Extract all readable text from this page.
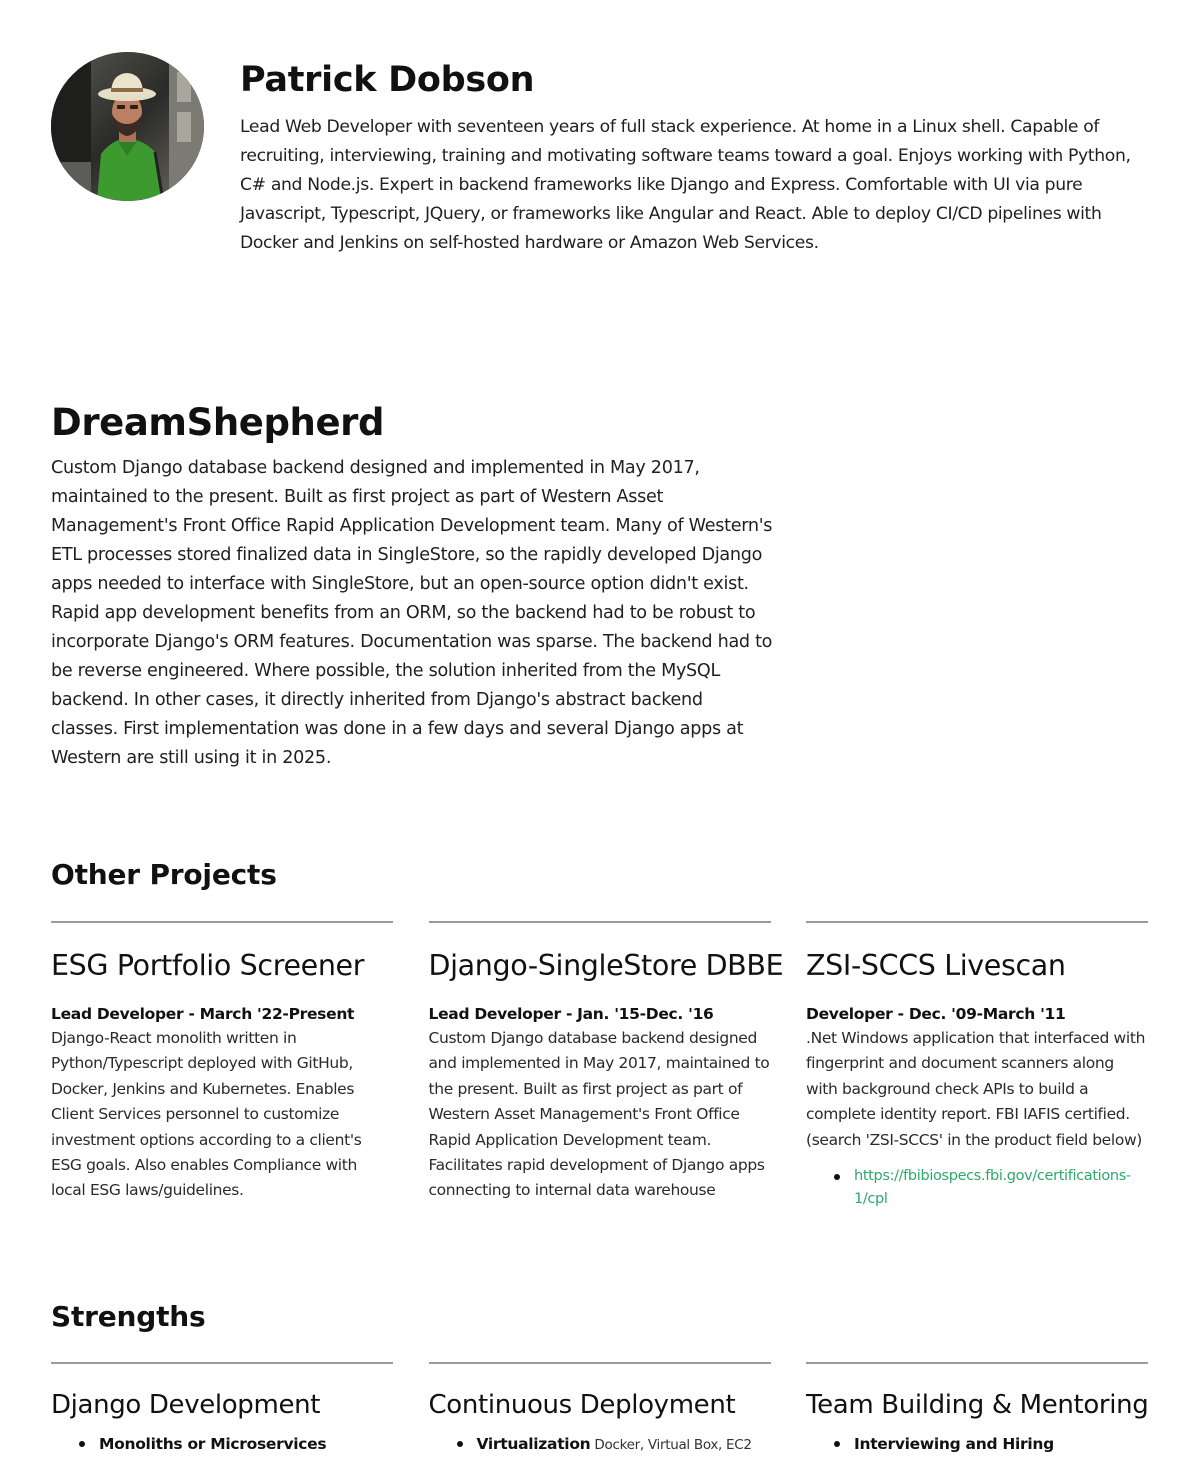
Patrick Dobson

Lead Web Developer with seventeen years of full stack experience. At home in a Linux shell. Capable of recruiting, interviewing, training and motivating software teams toward a goal. Enjoys working with Python, C# and Node.js. Expert in backend frameworks like Django and Express. Comfortable with UI via pure Javascript, Typescript, JQuery, or frameworks like Angular and React. Able to deploy CI/CD pipelines with Docker and Jenkins on self-hosted hardware or Amazon Web Services.

DreamShepherd

Custom Django database backend designed and implemented in May 2017, maintained to the present. Built as first project as part of Western Asset Management's Front Office Rapid Application Development team. Many of Western's ETL processes stored finalized data in SingleStore, so the rapidly developed Django apps needed to interface with SingleStore, but an open-source option didn't exist. Rapid app development benefits from an ORM, so the backend had to be robust to incorporate Django's ORM features. Documentation was sparse. The backend had to be reverse engineered. Where possible, the solution inherited from the MySQL backend. In other cases, it directly inherited from Django's abstract backend classes. First implementation was done in a few days and several Django apps at Western are still using it in 2025.

Other Projects
ESG Portfolio Screener

Lead Developer - March '22-Present

Django-React monolith written in Python/Typescript deployed with GitHub, Docker, Jenkins and Kubernetes. Enables Client Services personnel to customize investment options according to a client's ESG goals. Also enables Compliance with local ESG laws/guidelines.

Django-SingleStore DBBE

Lead Developer - Jan. '15-Dec. '16

Custom Django database backend designed and implemented in May 2017, maintained to the present. Built as first project as part of Western Asset Management's Front Office Rapid Application Development team. Facilitates rapid development of Django apps connecting to internal data warehouse

ZSI-SCCS Livescan

Developer - Dec. '09-March '11

.Net Windows application that interfaced with fingerprint and document scanners along with background check APIs to build a complete identity report. FBI IAFIS certified. (search 'ZSI-SCCS' in the product field below)

https://fbibiospecs.fbi.gov/certifications-1/cpl
Strengths
Django Development
Monoliths or Microservices
Continuous Deployment
Virtualization Docker, Virtual Box, EC2
Team Building & Mentoring
Interviewing and Hiring
